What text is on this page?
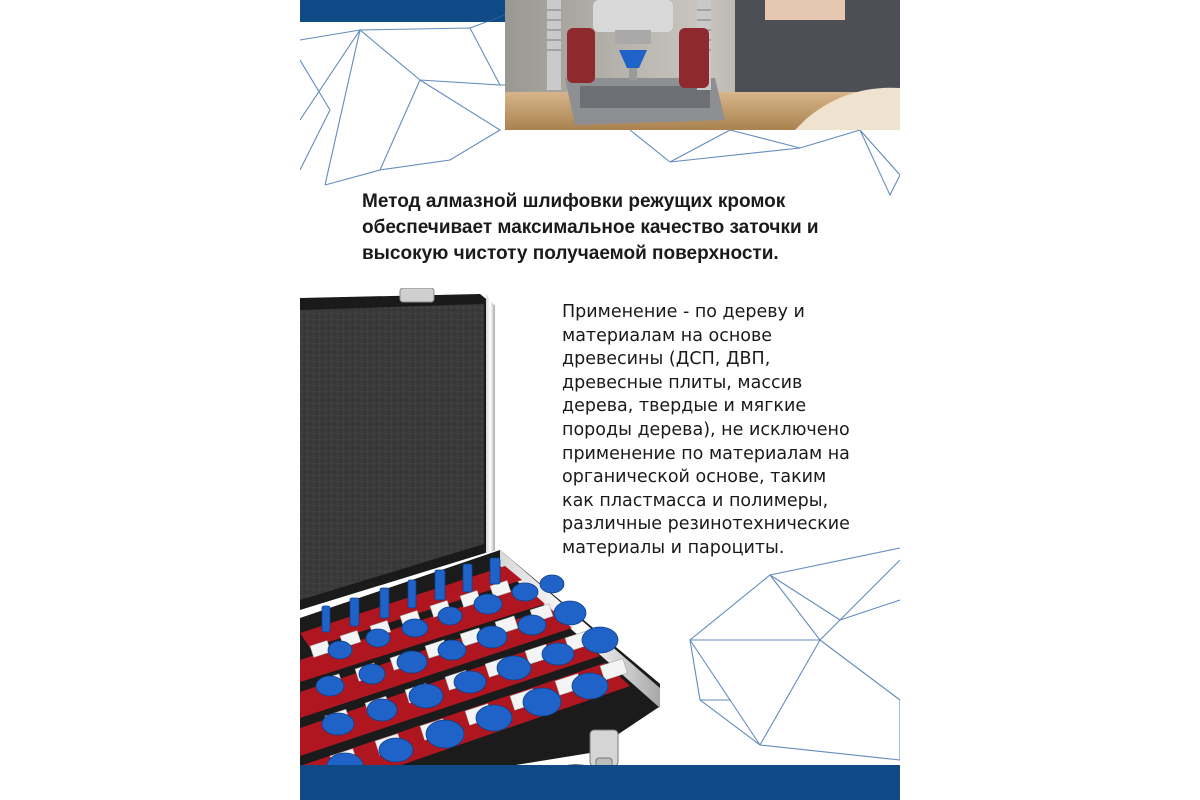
Метод алмазной шлифовки режущих кромок обеспечивает максимальное качество заточки и высокую чистоту получаемой поверхности.

Применение - по дереву и материалам на основе древесины (ДСП, ДВП, древесные плиты, массив дерева, твердые и мягкие породы дерева), не исключено применение по материалам на органической основе, таким как пластмасса и полимеры, различные резинотехнические материалы и пароциты.
